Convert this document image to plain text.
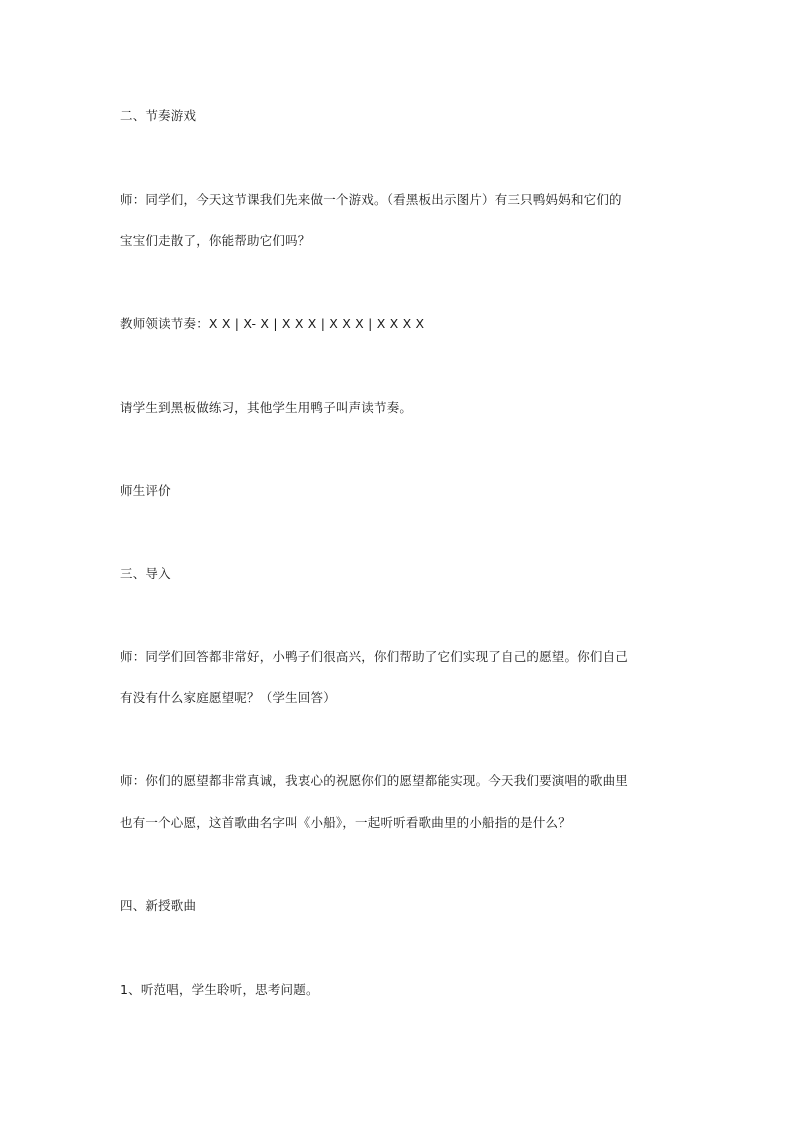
二、节奏游戏
师：同学们，今天这节课我们先来做一个游戏。（看黑板出示图片）有三只鸭妈妈和它们的
宝宝们走散了，你能帮助它们吗？
教师领读节奏：X X | X- X | X X X | X X X | X X X X
请学生到黑板做练习，其他学生用鸭子叫声读节奏。
师生评价
三、导入
师：同学们回答都非常好，小鸭子们很高兴，你们帮助了它们实现了自己的愿望。你们自己
有没有什么家庭愿望呢？（学生回答）
师：你们的愿望都非常真诚，我衷心的祝愿你们的愿望都能实现。今天我们要演唱的歌曲里
也有一个心愿，这首歌曲名字叫《小船》，一起听听看歌曲里的小船指的是什么？
四、新授歌曲
1、听范唱，学生聆听，思考问题。
